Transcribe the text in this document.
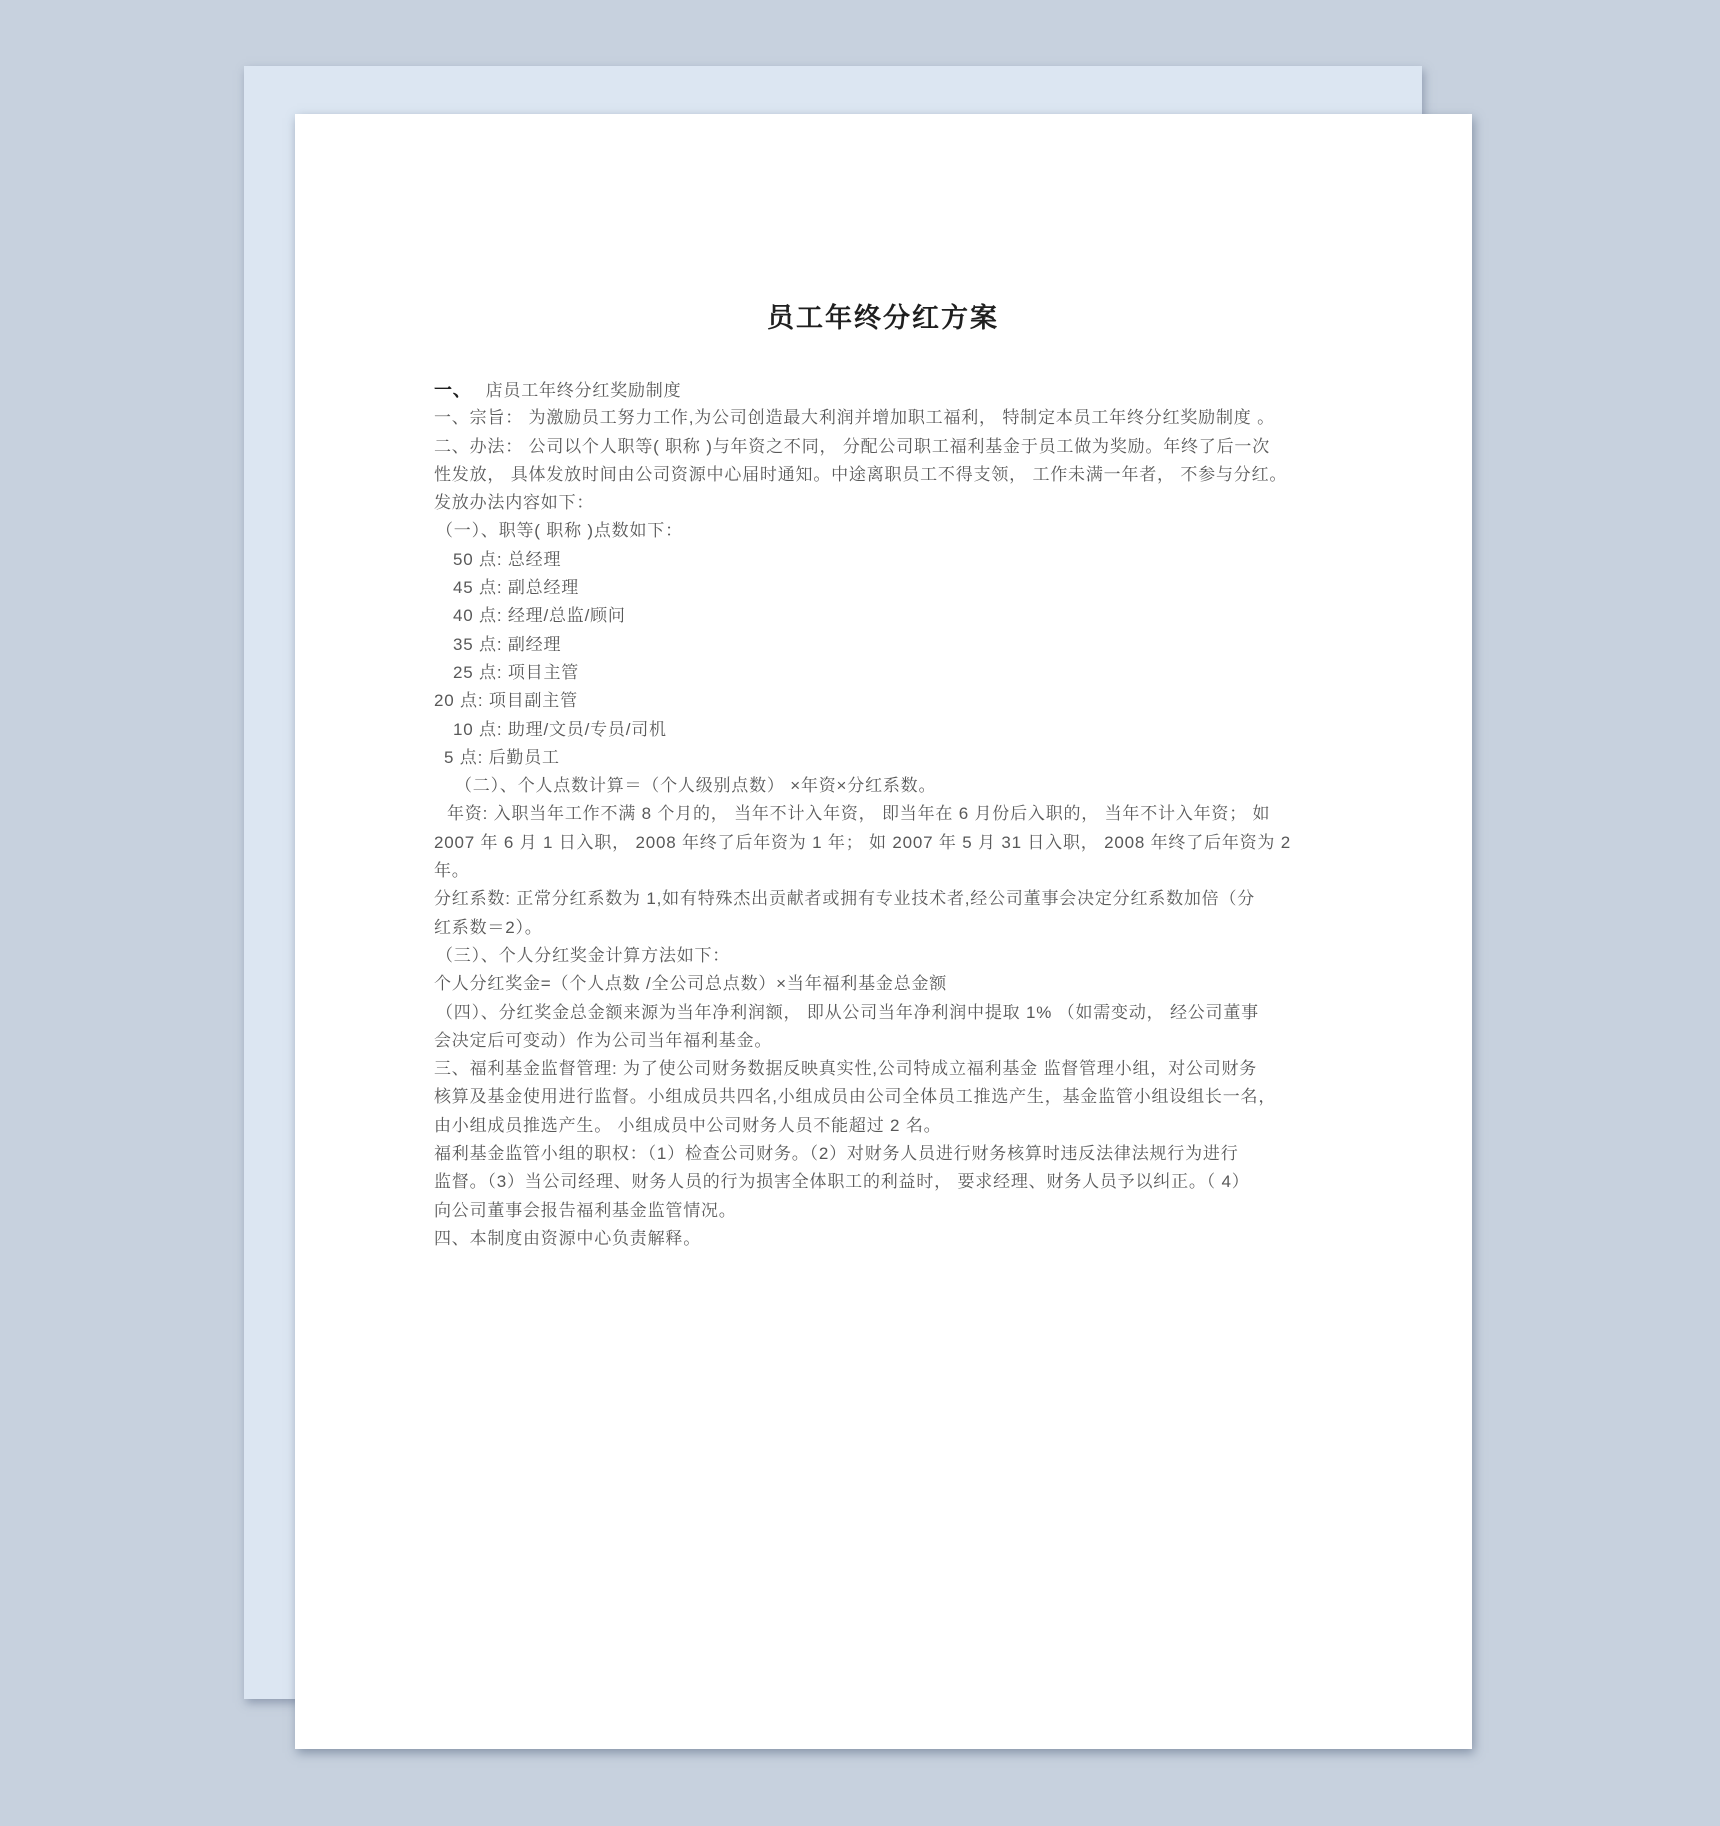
员工年终分红方案
一、 店员工年终分红奖励制度
一、宗旨： 为激励员工努力工作,为公司创造最大利润并增加职工福利， 特制定本员工年终分红奖励制度 。
二、办法： 公司以个人职等( 职称 )与年资之不同， 分配公司职工福利基金于员工做为奖励。年终了后一次
性发放， 具体发放时间由公司资源中心届时通知。中途离职员工不得支领， 工作未满一年者， 不参与分红。
发放办法内容如下：
（一）、职等( 职称 )点数如下：
50 点: 总经理
45 点: 副总经理
40 点: 经理/总监/顾问
35 点: 副经理
25 点: 项目主管
20 点: 项目副主管
10 点: 助理/文员/专员/司机
5 点: 后勤员工
（二）、个人点数计算＝（个人级别点数） ×年资×分红系数。
年资: 入职当年工作不满 8 个月的， 当年不计入年资， 即当年在 6 月份后入职的， 当年不计入年资； 如
2007 年 6 月 1 日入职， 2008 年终了后年资为 1 年； 如 2007 年 5 月 31 日入职， 2008 年终了后年资为 2
年。
分红系数: 正常分红系数为 1,如有特殊杰出贡献者或拥有专业技术者,经公司董事会决定分红系数加倍（分
红系数＝2）。
（三）、个人分红奖金计算方法如下：
个人分红奖金=（个人点数 /全公司总点数）×当年福利基金总金额
（四）、分红奖金总金额来源为当年净利润额， 即从公司当年净利润中提取 1% （如需变动， 经公司董事
会决定后可变动）作为公司当年福利基金。
三、福利基金监督管理: 为了使公司财务数据反映真实性,公司特成立福利基金 监督管理小组，对公司财务
核算及基金使用进行监督。小组成员共四名,小组成员由公司全体员工推选产生，基金监管小组设组长一名，
由小组成员推选产生。 小组成员中公司财务人员不能超过 2 名。
福利基金监管小组的职权：（1）检查公司财务。（2）对财务人员进行财务核算时违反法律法规行为进行
监督。（3）当公司经理、财务人员的行为损害全体职工的利益时， 要求经理、财务人员予以纠正。（ 4）
向公司董事会报告福利基金监管情况。
四、本制度由资源中心负责解释。
